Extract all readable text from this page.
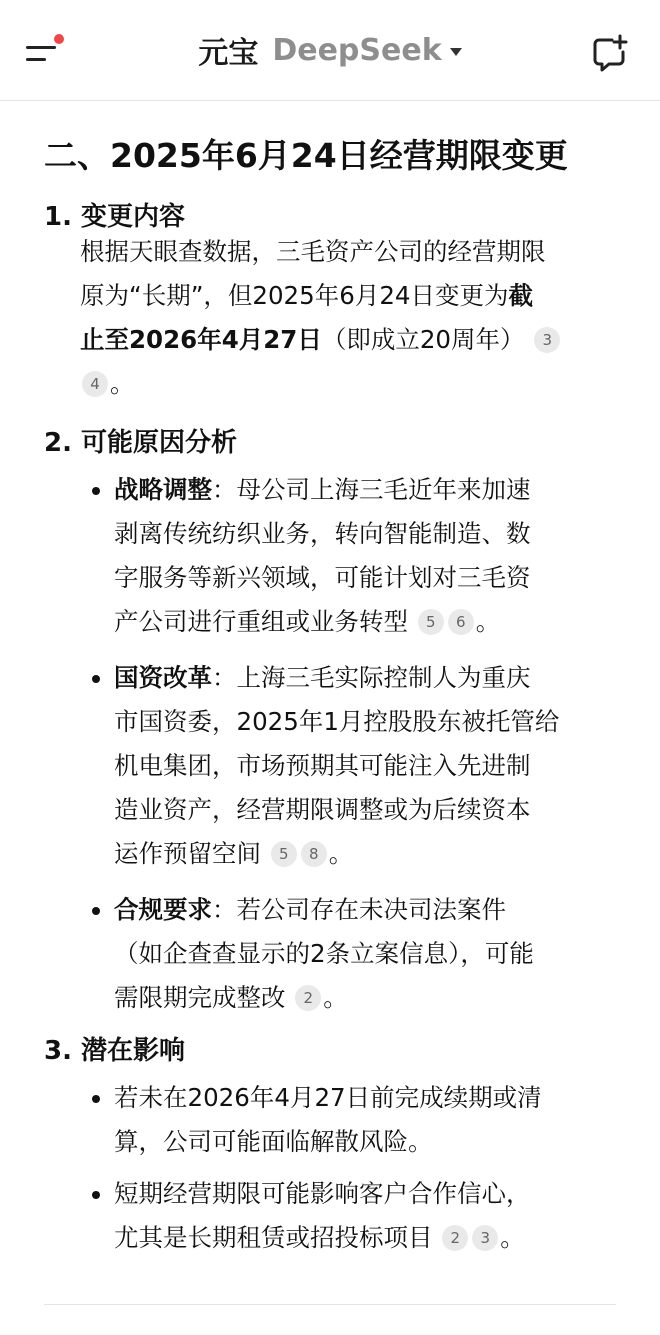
元宝 DeepSeek
二、2025年6月24日经营期限变更
1. 变更内容
根据天眼查数据，三毛资产公司的经营期限
原为“长期”，但2025年6月24日变更为截
止至2026年4月27日（即成立20周年） 3
4 。
2. 可能原因分析
战略调整：母公司上海三毛近年来加速
剥离传统纺织业务，转向智能制造、数
字服务等新兴领域，可能计划对三毛资
产公司进行重组或业务转型 5 6 。
国资改革：上海三毛实际控制人为重庆
市国资委，2025年1月控股股东被托管给
机电集团，市场预期其可能注入先进制
造业资产，经营期限调整或为后续资本
运作预留空间 5 8 。
合规要求：若公司存在未决司法案件
（如企查查显示的2条立案信息），可能
需限期完成整改 2 。
3. 潜在影响
若未在2026年4月27日前完成续期或清
算，公司可能面临解散风险。
短期经营期限可能影响客户合作信心，
尤其是长期租赁或招投标项目 2 3 。
